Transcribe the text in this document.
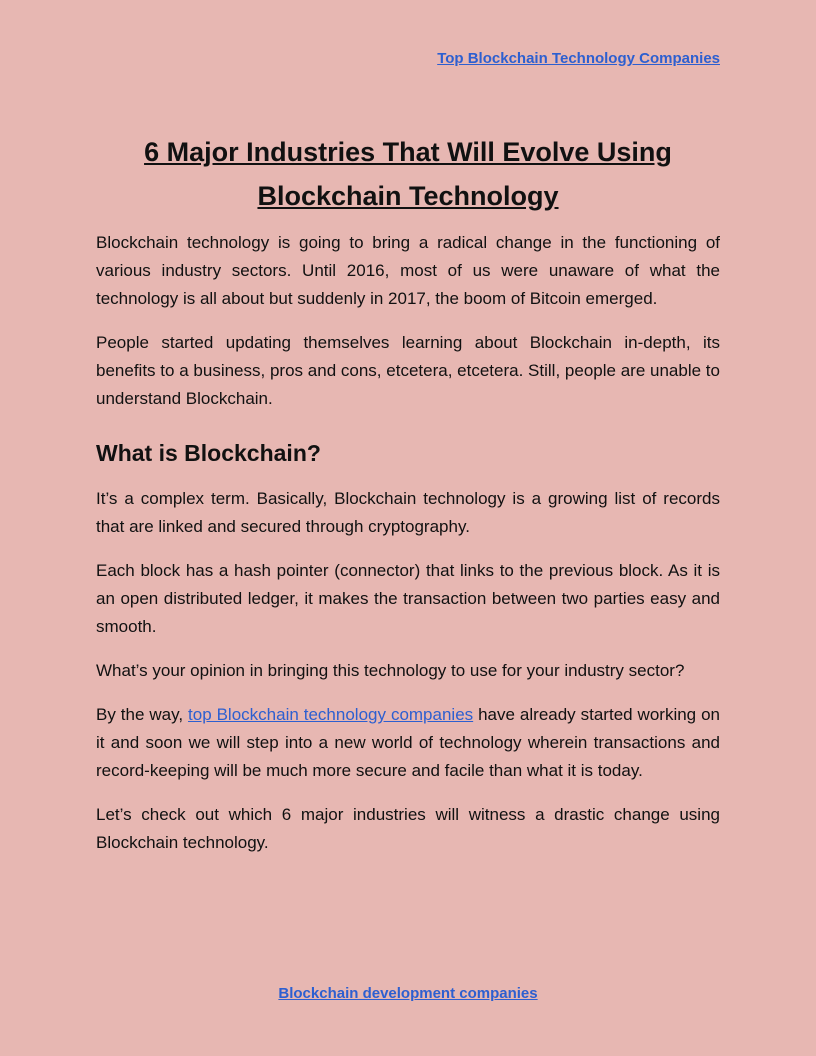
Top Blockchain Technology Companies
6 Major Industries That Will Evolve Using Blockchain Technology

Blockchain technology is going to bring a radical change in the functioning of various industry sectors. Until 2016, most of us were unaware of what the technology is all about but suddenly in 2017, the boom of Bitcoin emerged.

People started updating themselves learning about Blockchain in-depth, its benefits to a business, pros and cons, etcetera, etcetera. Still, people are unable to understand Blockchain.

What is Blockchain?

It’s a complex term. Basically, Blockchain technology is a growing list of records that are linked and secured through cryptography.

Each block has a hash pointer (connector) that links to the previous block. As it is an open distributed ledger, it makes the transaction between two parties easy and smooth.

What’s your opinion in bringing this technology to use for your industry sector?

By the way, top Blockchain technology companies have already started working on it and soon we will step into a new world of technology wherein transactions and record-keeping will be much more secure and facile than what it is today.

Let’s check out which 6 major industries will witness a drastic change using Blockchain technology.

Blockchain development companies
